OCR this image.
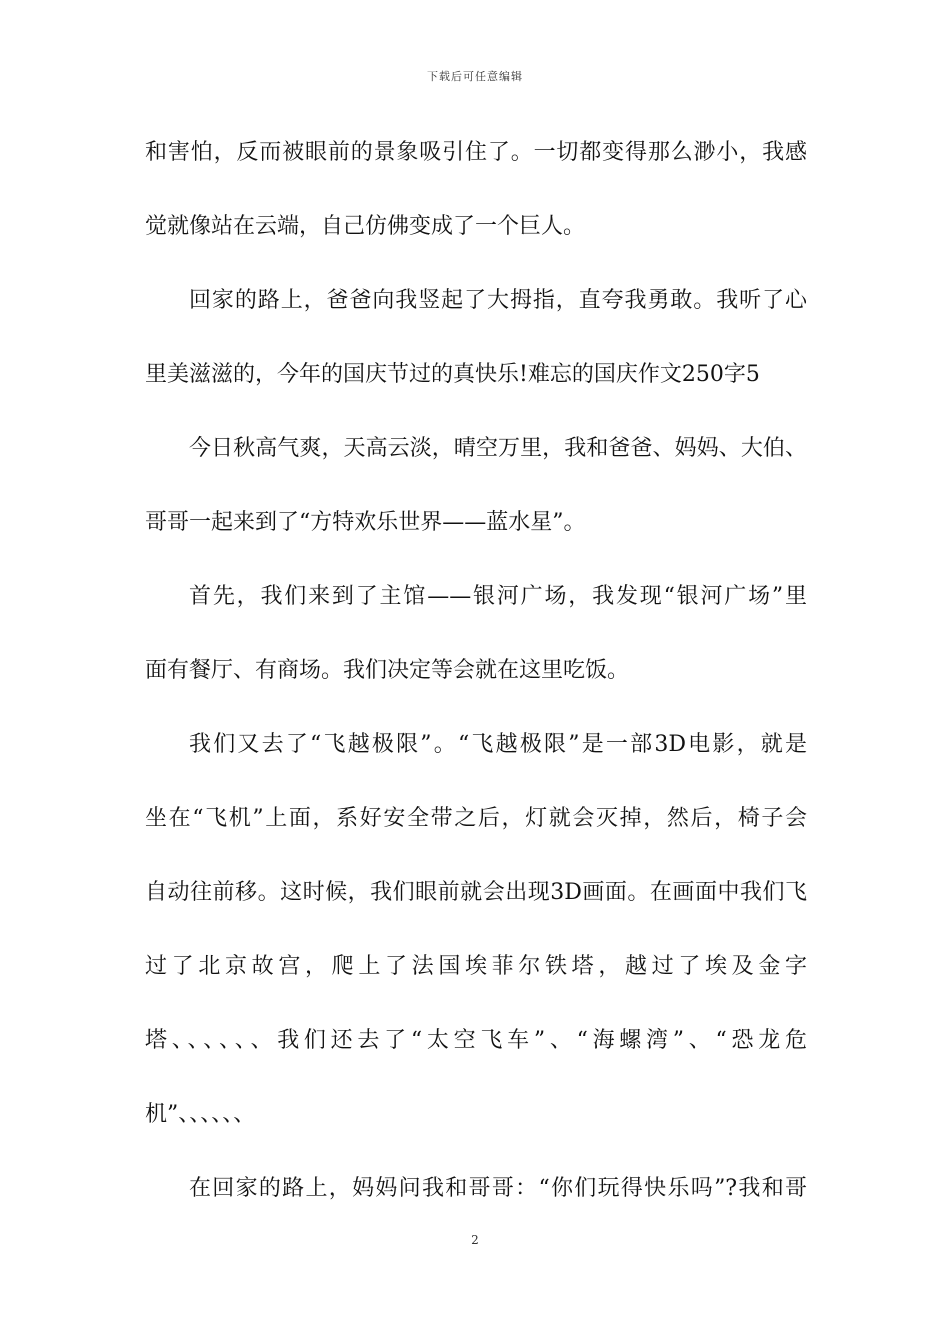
下载后可任意编辑
和害怕，反而被眼前的景象吸引住了。一切都变得那么渺小，我感
觉就像站在云端，自己仿佛变成了一个巨人。
回家的路上，爸爸向我竖起了大拇指，直夸我勇敢。我听了心
里美滋滋的，今年的国庆节过的真快乐!难忘的国庆作文250字5
今日秋高气爽，天高云淡，晴空万里，我和爸爸、妈妈、大伯、
哥哥一起来到了“方特欢乐世界——蓝水星”。
首先，我们来到了主馆——银河广场，我发现“银河广场”里
面有餐厅、有商场。我们决定等会就在这里吃饭。
我们又去了“飞越极限”。“飞越极限”是一部3D电影，就是
坐在“飞机”上面，系好安全带之后，灯就会灭掉，然后，椅子会
自动往前移。这时候，我们眼前就会出现3D画面。在画面中我们飞
过了北京故宫，爬上了法国埃菲尔铁塔，越过了埃及金字
塔、、、、、、我们还去了“太空飞车”、“海螺湾”、“恐龙危
机”、、、、、、
在回家的路上，妈妈问我和哥哥：“你们玩得快乐吗”?我和哥
2
